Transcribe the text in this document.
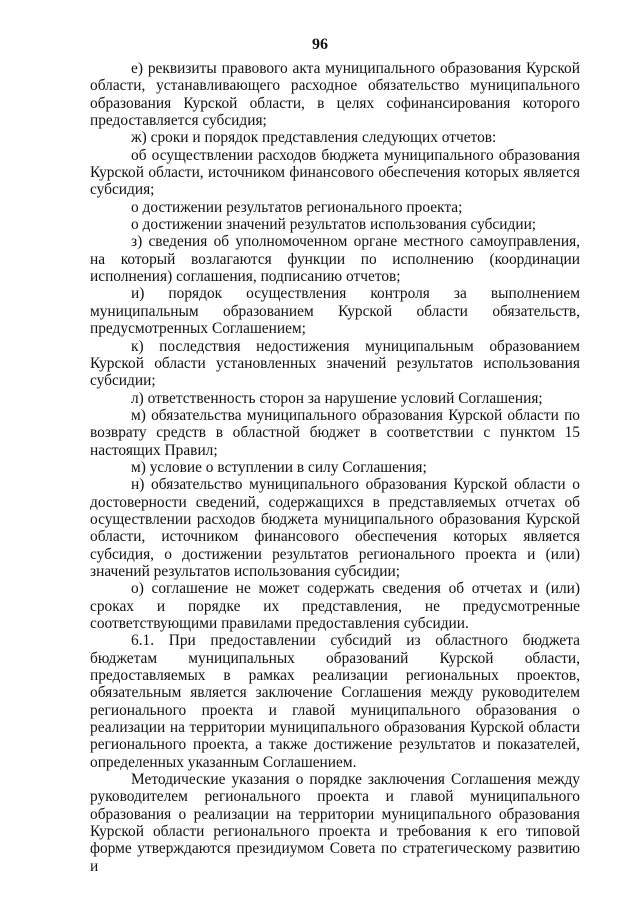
96

е) реквизиты правового акта муниципального образования Курской области, устанавливающего расходное обязательство муниципального образования Курской области, в целях софинансирования которого предоставляется субсидия;

ж) сроки и порядок представления следующих отчетов:

об осуществлении расходов бюджета муниципального образования Курской области, источником финансового обеспечения которых является субсидия;

о достижении результатов регионального проекта;

о достижении значений результатов использования субсидии;

з) сведения об уполномоченном органе местного самоуправления, на который возлагаются функции по исполнению (координации исполнения) соглашения, подписанию отчетов;

и) порядок осуществления контроля за выполнением муниципальным образованием Курской области обязательств, предусмотренных Соглашением;

к) последствия недостижения муниципальным образованием Курской области установленных значений результатов использования субсидии;

л) ответственность сторон за нарушение условий Соглашения;

м) обязательства муниципального образования Курской области по возврату средств в областной бюджет в соответствии с пунктом 15 настоящих Правил;

м) условие о вступлении в силу Соглашения;

н) обязательство муниципального образования Курской области о достоверности сведений, содержащихся в представляемых отчетах об осуществлении расходов бюджета муниципального образования Курской области, источником финансового обеспечения которых является субсидия, о достижении результатов регионального проекта и (или) значений результатов использования субсидии;

о) соглашение не может содержать сведения об отчетах и (или) сроках и порядке их представления, не предусмотренные соответствующими правилами предоставления субсидии.

6.1. При предоставлении субсидий из областного бюджета бюджетам муниципальных образований Курской области, предоставляемых в рамках реализации региональных проектов, обязательным является заключение Соглашения между руководителем регионального проекта и главой муниципального образования о реализации на территории муниципального образования Курской области регионального проекта, а также достижение результатов и показателей, определенных указанным Соглашением.

Методические указания о порядке заключения Соглашения между руководителем регионального проекта и главой муниципального образования о реализации на территории муниципального образования Курской области регионального проекта и требования к его типовой форме утверждаются президиумом Совета по стратегическому развитию и
